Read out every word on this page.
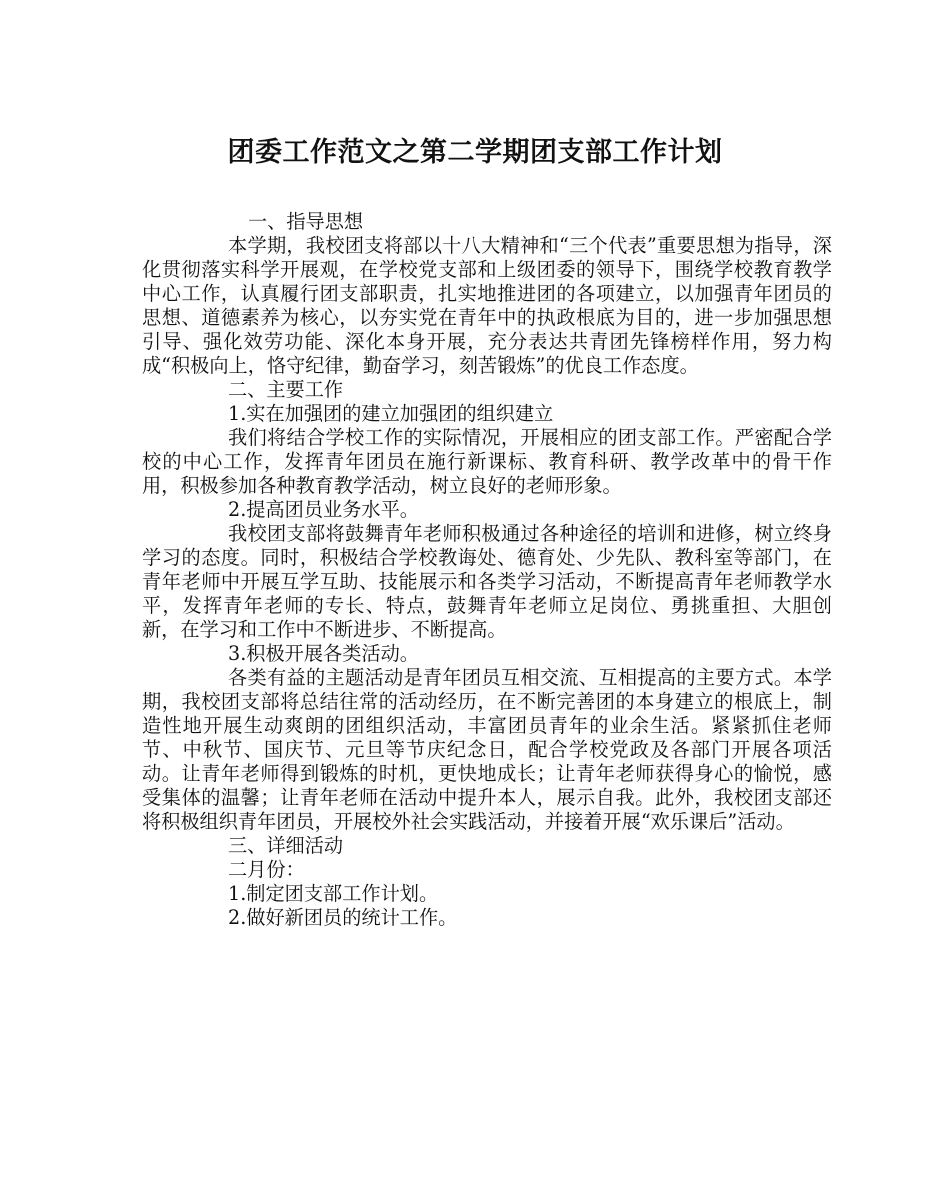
团委工作范文之第二学期团支部工作计划

一、指导思想

本学期，我校团支将部以十八大精神和“三个代表”重要思想为指导，深化贯彻落实科学开展观，在学校党支部和上级团委的领导下，围绕学校教育教学中心工作，认真履行团支部职责，扎实地推进团的各项建立，以加强青年团员的思想、道德素养为核心，以夯实党在青年中的执政根底为目的，进一步加强思想引导、强化效劳功能、深化本身开展，充分表达共青团先锋榜样作用，努力构成“积极向上，恪守纪律，勤奋学习，刻苦锻炼”的优良工作态度。

二、主要工作

1.实在加强团的建立加强团的组织建立

我们将结合学校工作的实际情况，开展相应的团支部工作。严密配合学校的中心工作，发挥青年团员在施行新课标、教育科研、教学改革中的骨干作用，积极参加各种教育教学活动，树立良好的老师形象。

2.提高团员业务水平。

我校团支部将鼓舞青年老师积极通过各种途径的培训和进修，树立终身学习的态度。同时，积极结合学校教诲处、德育处、少先队、教科室等部门，在青年老师中开展互学互助、技能展示和各类学习活动，不断提高青年老师教学水平，发挥青年老师的专长、特点，鼓舞青年老师立足岗位、勇挑重担、大胆创新，在学习和工作中不断进步、不断提高。

3.积极开展各类活动。

各类有益的主题活动是青年团员互相交流、互相提高的主要方式。本学期，我校团支部将总结往常的活动经历，在不断完善团的本身建立的根底上，制造性地开展生动爽朗的团组织活动，丰富团员青年的业余生活。紧紧抓住老师节、中秋节、国庆节、元旦等节庆纪念日，配合学校党政及各部门开展各项活动。让青年老师得到锻炼的时机，更快地成长；让青年老师获得身心的愉悦，感受集体的温馨；让青年老师在活动中提升本人，展示自我。此外，我校团支部还将积极组织青年团员，开展校外社会实践活动，并接着开展“欢乐课后”活动。

三、详细活动

二月份：

1.制定团支部工作计划。

2.做好新团员的统计工作。
